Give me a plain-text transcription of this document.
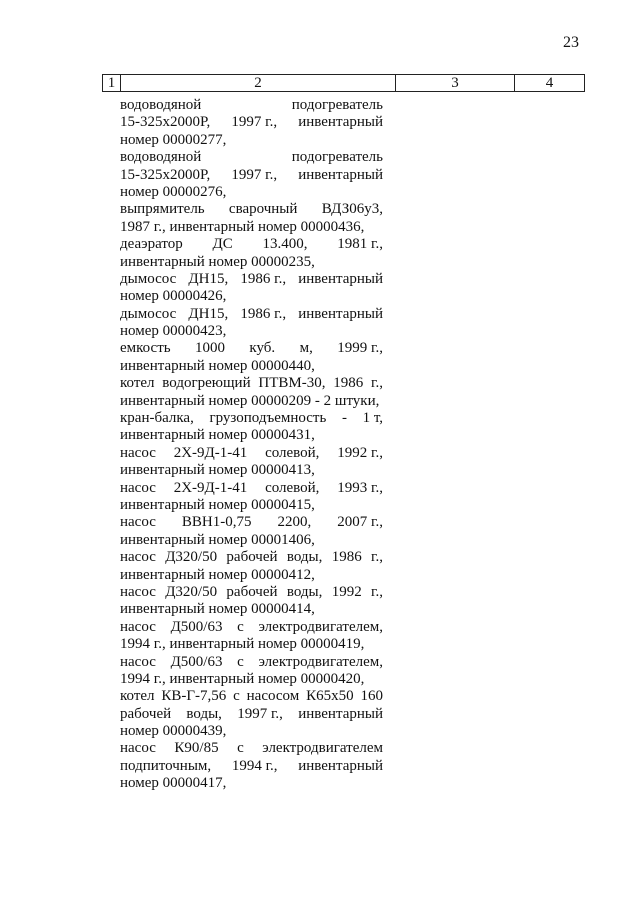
23
1	2	3	4
водоводяной	подогреватель
15-325х2000Р, 1997 г., инвентарный
номер 00000277,
водоводяной	подогреватель
15-325х2000Р, 1997 г., инвентарный
номер 00000276,
выпрямитель сварочный ВДЗ06у3,
1987 г., инвентарный номер 00000436,
деаэратор ДС 13.400, 1981 г.,
инвентарный номер 00000235,
дымосос ДН15, 1986 г., инвентарный
номер 00000426,
дымосос ДН15, 1986 г., инвентарный
номер 00000423,
емкость 1000 куб. м, 1999 г.,
инвентарный номер 00000440,
котел водогреющий ПТВМ-30, 1986 г.,
инвентарный номер 00000209 - 2 штуки,
кран-балка, грузоподъемность - 1 т,
инвентарный номер 00000431,
насос 2Х-9Д-1-41 солевой, 1992 г.,
инвентарный номер 00000413,
насос 2Х-9Д-1-41 солевой, 1993 г.,
инвентарный номер 00000415,
насос ВВН1-0,75 2200, 2007 г.,
инвентарный номер 00001406,
насос Д320/50 рабочей воды, 1986 г.,
инвентарный номер 00000412,
насос Д320/50 рабочей воды, 1992 г.,
инвентарный номер 00000414,
насос Д500/63 с электродвигателем,
1994 г., инвентарный номер 00000419,
насос Д500/63 с электродвигателем,
1994 г., инвентарный номер 00000420,
котел КВ-Г-7,56 с насосом К65х50 160
рабочей воды, 1997 г., инвентарный
номер 00000439,
насос К90/85 с электродвигателем
подпиточным, 1994 г., инвентарный
номер 00000417,
